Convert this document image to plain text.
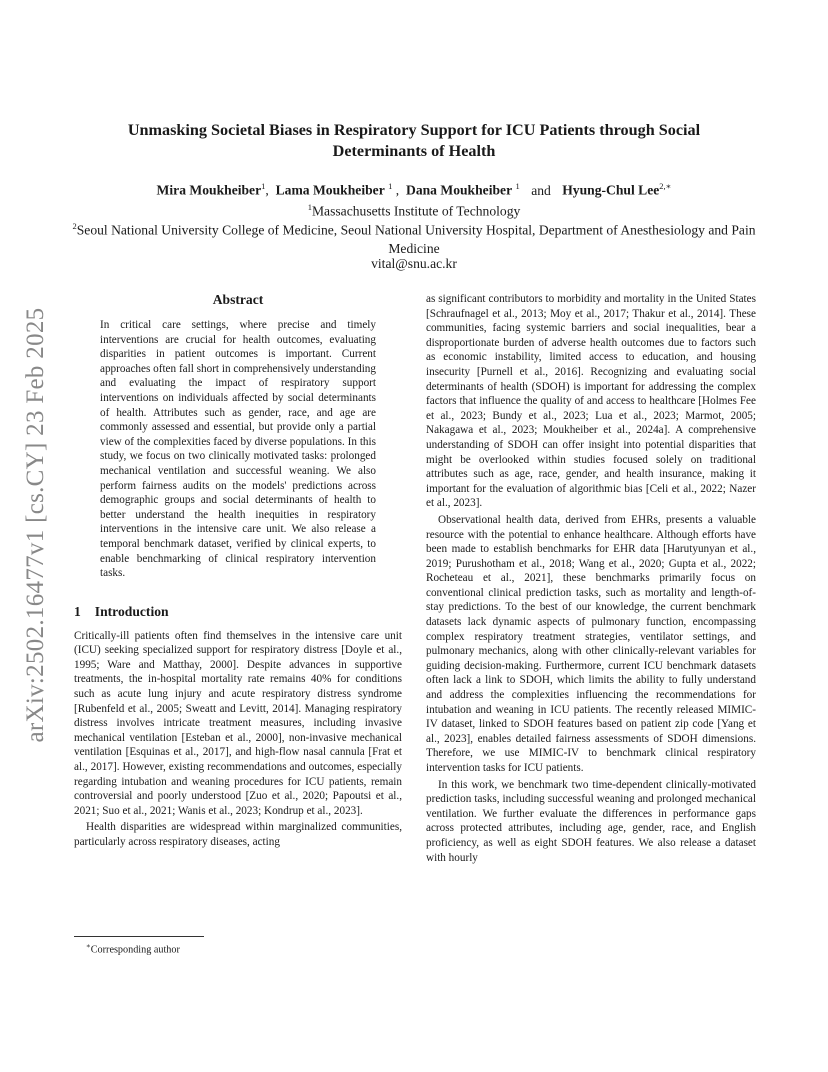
arXiv:2502.16477v1 [cs.CY] 23 Feb 2025
Unmasking Societal Biases in Respiratory Support for ICU Patients through Social Determinants of Health
Mira Moukheiber$^1$, Lama Moukheiber $^1$ , Dana Moukheiber $^1$ and Hyung-Chul Lee$^{2,∗}$
$^1$Massachusetts Institute of Technology
$^2$Seoul National University College of Medicine, Seoul National University Hospital, Department of Anesthesiology and Pain Medicine
vital@snu.ac.kr
Abstract

In critical care settings, where precise and timely interventions are crucial for health outcomes, evaluating disparities in patient outcomes is important. Current approaches often fall short in comprehensively understanding and evaluating the impact of respiratory support interventions on individuals affected by social determinants of health. Attributes such as gender, race, and age are commonly assessed and essential, but provide only a partial view of the complexities faced by diverse populations. In this study, we focus on two clinically motivated tasks: prolonged mechanical ventilation and successful weaning. We also perform fairness audits on the models' predictions across demographic groups and social determinants of health to better understand the health inequities in respiratory interventions in the intensive care unit. We also release a temporal benchmark dataset, verified by clinical experts, to enable benchmarking of clinical respiratory intervention tasks.

1 Introduction

Critically-ill patients often find themselves in the intensive care unit (ICU) seeking specialized support for respiratory distress [Doyle et al., 1995; Ware and Matthay, 2000]. Despite advances in supportive treatments, the in-hospital mortality rate remains 40% for conditions such as acute lung injury and acute respiratory distress syndrome [Rubenfeld et al., 2005; Sweatt and Levitt, 2014]. Managing respiratory distress involves intricate treatment measures, including invasive mechanical ventilation [Esteban et al., 2000], non-invasive mechanical ventilation [Esquinas et al., 2017], and high-flow nasal cannula [Frat et al., 2017]. However, existing recommendations and outcomes, especially regarding intubation and weaning procedures for ICU patients, remain controversial and poorly understood [Zuo et al., 2020; Papoutsi et al., 2021; Suo et al., 2021; Wanis et al., 2023; Kondrup et al., 2023].

Health disparities are widespread within marginalized communities, particularly across respiratory diseases, acting

as significant contributors to morbidity and mortality in the United States [Schraufnagel et al., 2013; Moy et al., 2017; Thakur et al., 2014]. These communities, facing systemic barriers and social inequalities, bear a disproportionate burden of adverse health outcomes due to factors such as economic instability, limited access to education, and housing insecurity [Purnell et al., 2016]. Recognizing and evaluating social determinants of health (SDOH) is important for addressing the complex factors that influence the quality of and access to healthcare [Holmes Fee et al., 2023; Bundy et al., 2023; Lua et al., 2023; Marmot, 2005; Nakagawa et al., 2023; Moukheiber et al., 2024a]. A comprehensive understanding of SDOH can offer insight into potential disparities that might be overlooked within studies focused solely on traditional attributes such as age, race, gender, and health insurance, making it important for the evaluation of algorithmic bias [Celi et al., 2022; Nazer et al., 2023].

Observational health data, derived from EHRs, presents a valuable resource with the potential to enhance healthcare. Although efforts have been made to establish benchmarks for EHR data [Harutyunyan et al., 2019; Purushotham et al., 2018; Wang et al., 2020; Gupta et al., 2022; Rocheteau et al., 2021], these benchmarks primarily focus on conventional clinical prediction tasks, such as mortality and length-of-stay predictions. To the best of our knowledge, the current benchmark datasets lack dynamic aspects of pulmonary function, encompassing complex respiratory treatment strategies, ventilator settings, and pulmonary mechanics, along with other clinically-relevant variables for guiding decision-making. Furthermore, current ICU benchmark datasets often lack a link to SDOH, which limits the ability to fully understand and address the complexities influencing the recommendations for intubation and weaning in ICU patients. The recently released MIMIC-IV dataset, linked to SDOH features based on patient zip code [Yang et al., 2023], enables detailed fairness assessments of SDOH dimensions. Therefore, we use MIMIC-IV to benchmark clinical respiratory intervention tasks for ICU patients.

In this work, we benchmark two time-dependent clinically-motivated prediction tasks, including successful weaning and prolonged mechanical ventilation. We further evaluate the differences in performance gaps across protected attributes, including age, gender, race, and English proficiency, as well as eight SDOH features. We also release a dataset with hourly

∗Corresponding author
